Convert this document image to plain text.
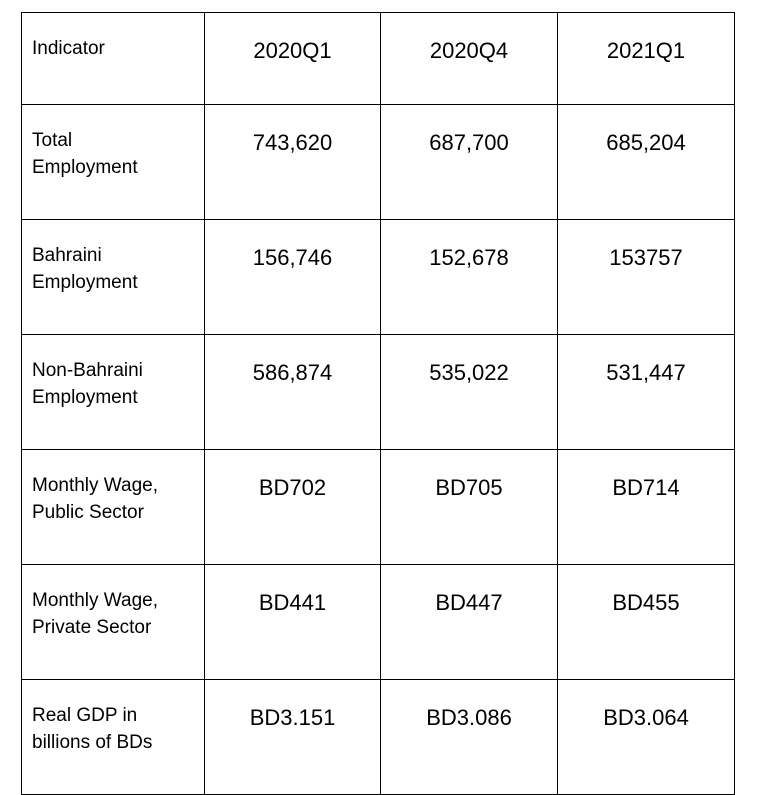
Indicator	2020Q1	2020Q4	2021Q1

Total
Employment	743,620	687,700	685,204

Bahraini
Employment	156,746	152,678	153757

Non-Bahraini
Employment	586,874	535,022	531,447

Monthly Wage,
Public Sector	BD702	BD705	BD714

Monthly Wage,
Private Sector	BD441	BD447	BD455

Real GDP in
billions of BDs	BD3.151	BD3.086	BD3.064
